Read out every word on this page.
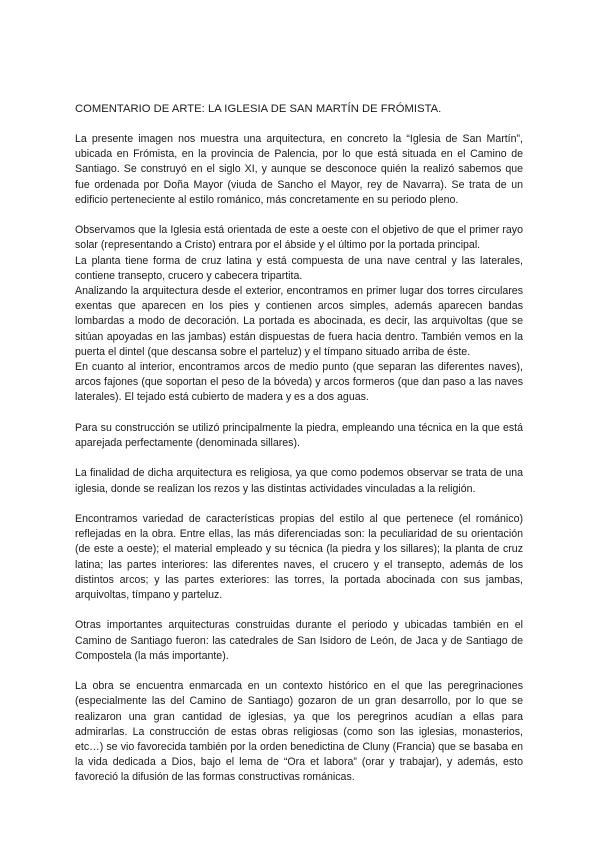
COMENTARIO DE ARTE: LA IGLESIA DE SAN MARTÍN DE FRÓMISTA.

La presente imagen nos muestra una arquitectura, en concreto la “Iglesia de San Martín”, ubicada en Frómista, en la provincia de Palencia, por lo que está situada en el Camino de Santiago. Se construyó en el siglo XI, y aunque se desconoce quién la realizó sabemos que fue ordenada por Doña Mayor (viuda de Sancho el Mayor, rey de Navarra). Se trata de un edificio perteneciente al estilo románico, más concretamente en su periodo pleno.

Observamos que la Iglesia está orientada de este a oeste con el objetivo de que el primer rayo solar (representando a Cristo) entrara por el ábside y el último por la portada principal.

La planta tiene forma de cruz latina y está compuesta de una nave central y las laterales, contiene transepto, crucero y cabecera tripartita.

Analizando la arquitectura desde el exterior, encontramos en primer lugar dos torres circulares exentas que aparecen en los pies y contienen arcos simples, además aparecen bandas lombardas a modo de decoración. La portada es abocinada, es decir, las arquivoltas (que se sitúan apoyadas en las jambas) están dispuestas de fuera hacia dentro. También vemos en la puerta el dintel (que descansa sobre el parteluz) y el tímpano situado arriba de éste.

En cuanto al interior, encontramos arcos de medio punto (que separan las diferentes naves), arcos fajones (que soportan el peso de la bóveda) y arcos formeros (que dan paso a las naves laterales). El tejado está cubierto de madera y es a dos aguas.

Para su construcción se utilizó principalmente la piedra, empleando una técnica en la que está aparejada perfectamente (denominada sillares).

La finalidad de dicha arquitectura es religiosa, ya que como podemos observar se trata de una iglesia, donde se realizan los rezos y las distintas actividades vinculadas a la religión.

Encontramos variedad de características propias del estilo al que pertenece (el románico) reflejadas en la obra. Entre ellas, las más diferenciadas son: la peculiaridad de su orientación (de este a oeste); el material empleado y su técnica (la piedra y los sillares); la planta de cruz latina; las partes interiores: las diferentes naves, el crucero y el transepto, además de los distintos arcos; y las partes exteriores: las torres, la portada abocinada con sus jambas, arquivoltas, tímpano y parteluz.

Otras importantes arquitecturas construidas durante el periodo y ubicadas también en el Camino de Santiago fueron: las catedrales de San Isidoro de León, de Jaca y de Santiago de Compostela (la más importante).

La obra se encuentra enmarcada en un contexto histórico en el que las peregrinaciones (especialmente las del Camino de Santiago) gozaron de un gran desarrollo, por lo que se realizaron una gran cantidad de iglesias, ya que los peregrinos acudían a ellas para admirarlas. La construcción de estas obras religiosas (como son las iglesias, monasterios, etc…) se vio favorecida también por la orden benedictina de Cluny (Francia) que se basaba en la vida dedicada a Dios, bajo el lema de “Ora et labora” (orar y trabajar), y además, esto favoreció la difusión de las formas constructivas románicas.
